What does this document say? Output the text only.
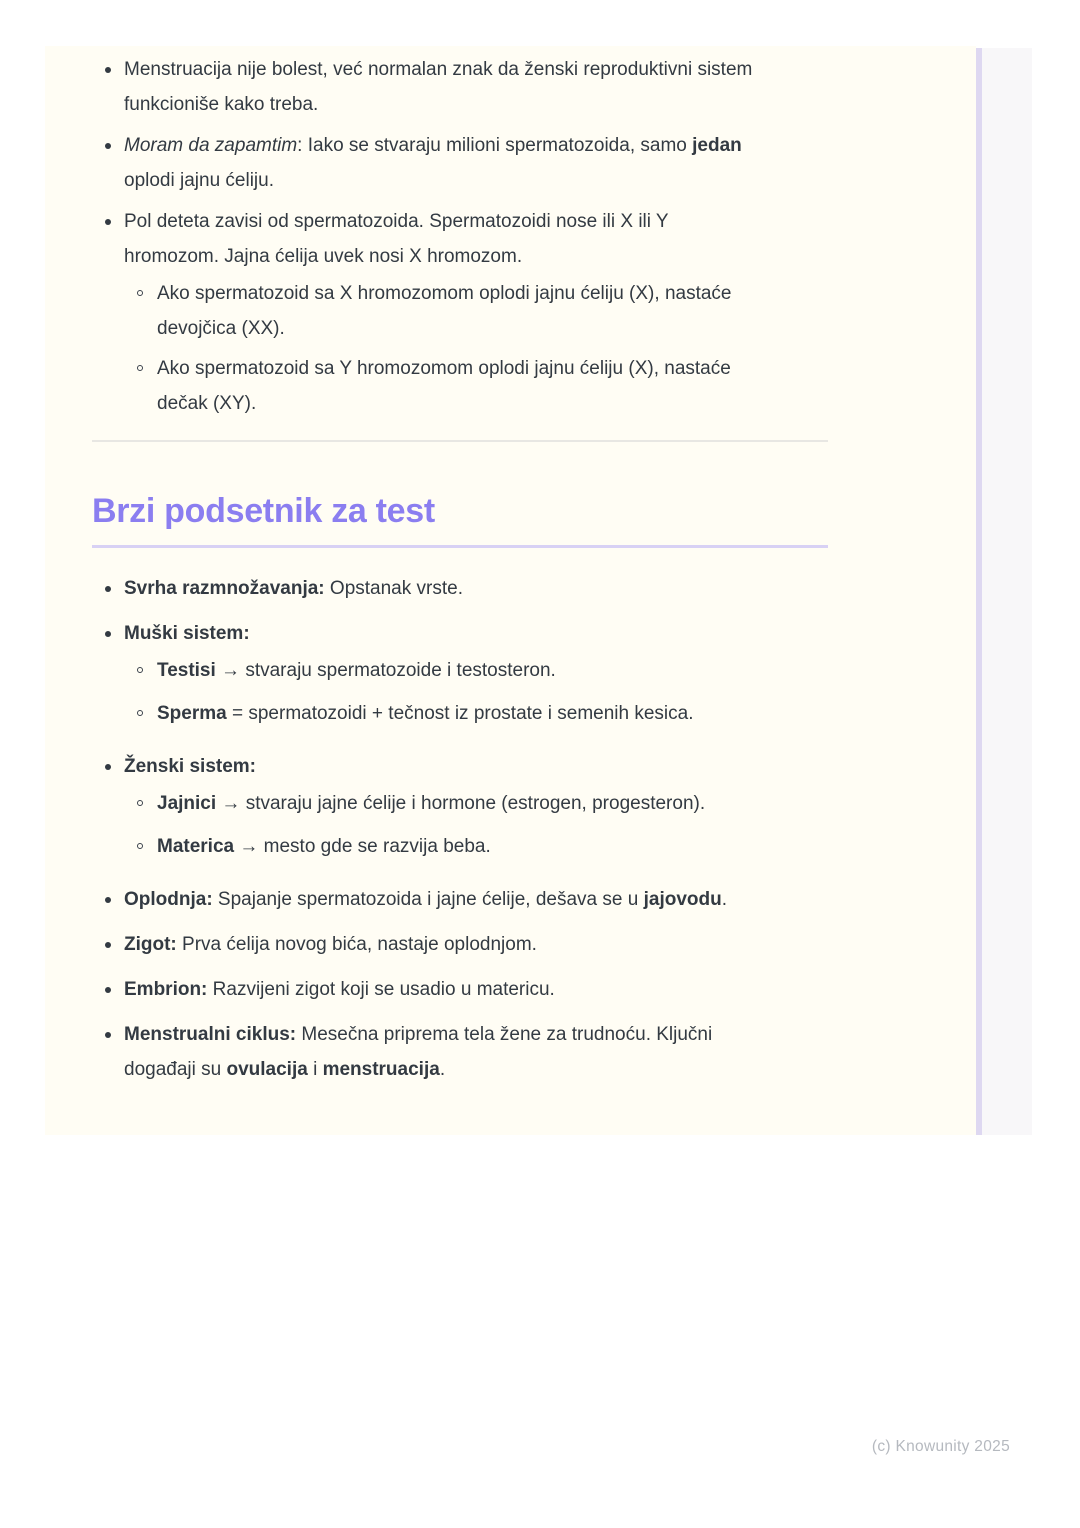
Menstruacija nije bolest, već normalan znak da ženski reproduktivni sistem
funkcioniše kako treba.
Moram da zapamtim: Iako se stvaraju milioni spermatozoida, samo jedan
oplodi jajnu ćeliju.
Pol deteta zavisi od spermatozoida. Spermatozoidi nose ili X ili Y
hromozom. Jajna ćelija uvek nosi X hromozom.
Ako spermatozoid sa X hromozomom oplodi jajnu ćeliju (X), nastaće
devojčica (XX).
Ako spermatozoid sa Y hromozomom oplodi jajnu ćeliju (X), nastaće
dečak (XY).
Brzi podsetnik za test
Svrha razmnožavanja: Opstanak vrste.
Muški sistem:
Testisi → stvaraju spermatozoide i testosteron.
Sperma = spermatozoidi + tečnost iz prostate i semenih kesica.
Ženski sistem:
Jajnici → stvaraju jajne ćelije i hormone (estrogen, progesteron).
Materica → mesto gde se razvija beba.
Oplodnja: Spajanje spermatozoida i jajne ćelije, dešava se u jajovodu.
Zigot: Prva ćelija novog bića, nastaje oplodnjom.
Embrion: Razvijeni zigot koji se usadio u matericu.
Menstrualni ciklus: Mesečna priprema tela žene za trudnoću. Ključni
događaji su ovulacija i menstruacija.
(c) Knowunity 2025
